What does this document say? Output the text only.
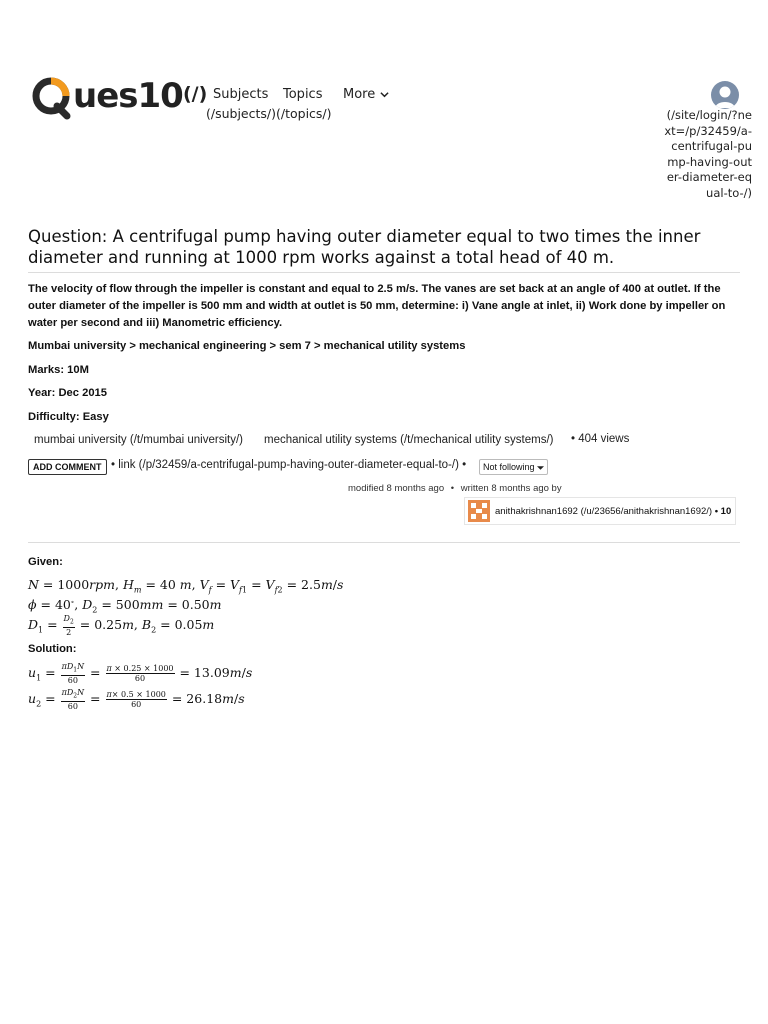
ues10 (/) Subjects Topics More
(/subjects/)(/topics/)	(/site/login/?next=/p/32459/a-centrifugal-pump-having-outer-diameter-equal-to-/)
Question: A centrifugal pump having outer diameter equal to two times the inner diameter and running at 1000 rpm works against a total head of 40 m.
The velocity of flow through the impeller is constant and equal to 2.5 m/s. The vanes are set back at an angle of 400 at outlet. If the outer diameter of the impeller is 500 mm and width at outlet is 50 mm, determine: i) Vane angle at inlet, ii) Work done by impeller on water per second and iii) Manometric efficiency.
Mumbai university > mechanical engineering > sem 7 > mechanical utility systems
Marks: 10M
Year: Dec 2015
Difficulty: Easy
mumbai university (/t/mumbai university/) mechanical utility systems (/t/mechanical utility systems/) • 404 views
ADD COMMENT • link (/p/32459/a-centrifugal-pump-having-outer-diameter-equal-to-/) •	Not following
modified 8 months ago • written 8 months ago by
anithakrishnan1692 (/u/23656/anithakrishnan1692/) • 10
Given:
N = 1000rpm, $H_m = 40$ m, $V_f = V_{f1} = V_{f2} = 2.5m/s$
ϕ = 40∘, $D_2 = 500mm = 0.50m$
$D_1 = \frac{D_2}{2} = 0.25m$, $B_2 = 0.05m$
Solution:
$u_1 = \frac{\pi D_1N}{60} = \frac{\pi \times 0.25 \times 1000}{60} = 13.09m/s$
$u_2 = \frac{\pi D_2N}{60} = \frac{\pi\times 0.5 \times 1000}{60} = 26.18m/s$
